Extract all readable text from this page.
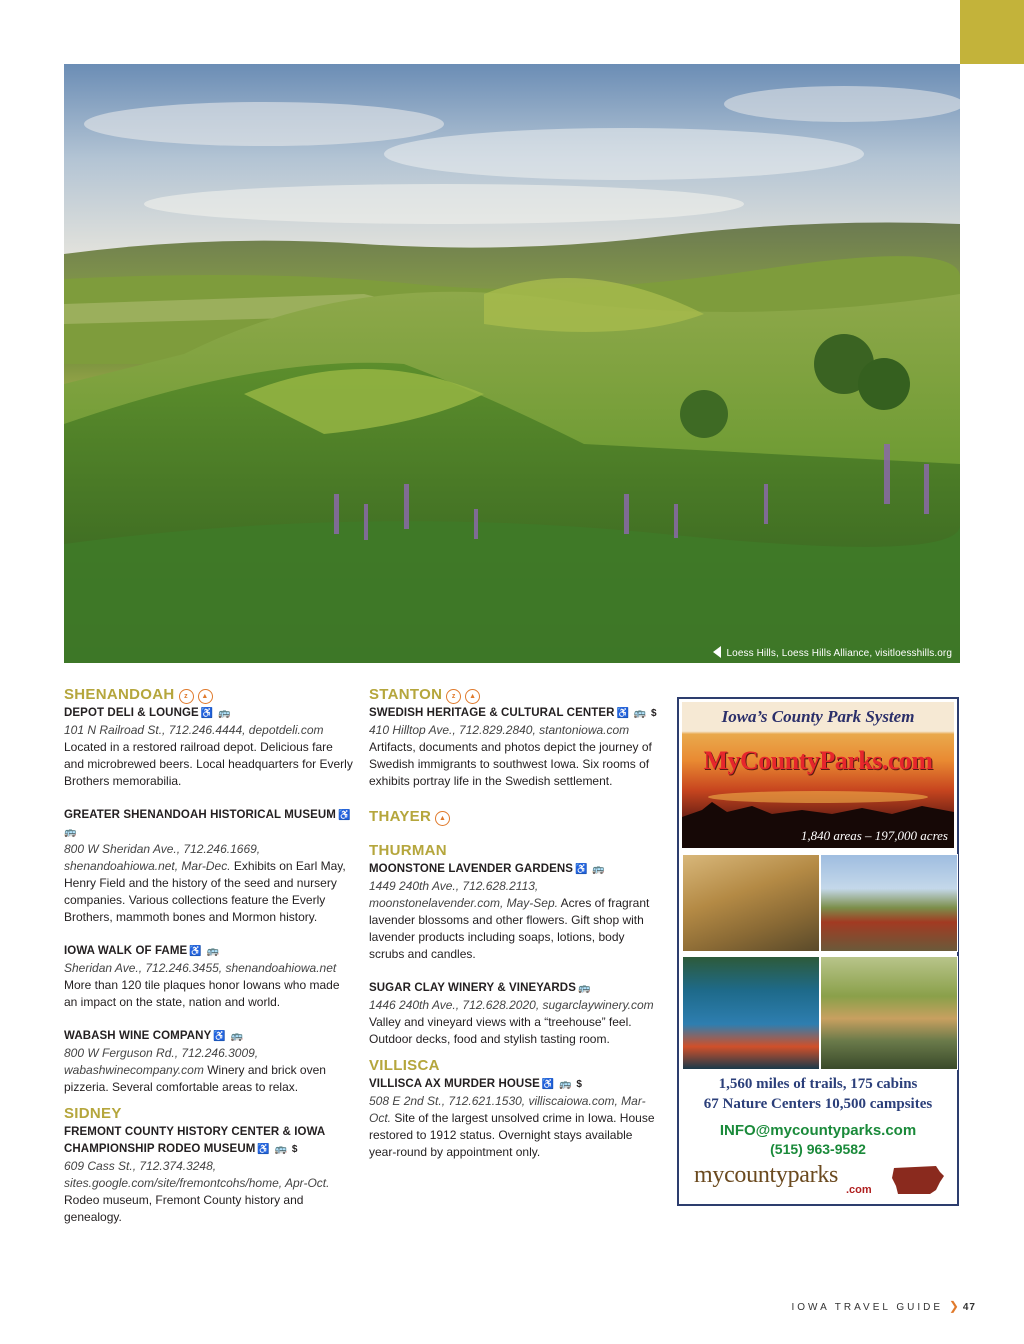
Loess Hills, Loess Hills Alliance, visitloesshills.org

SHENANDOAH z ▲

DEPOT DELI & LOUNGE ♿ 🚌

101 N Railroad St., 712.246.4444, depotdeli.com

Located in a restored railroad depot. Delicious fare and microbrewed beers. Local headquarters for Everly Brothers memorabilia.

GREATER SHENANDOAH HISTORICAL MUSEUM ♿ 🚌

800 W Sheridan Ave., 712.246.1669, shenandoahiowa.net, Mar-Dec. Exhibits on Earl May, Henry Field and the history of the seed and nursery companies. Various collections feature the Everly Brothers, mammoth bones and Mormon history.

IOWA WALK OF FAME ♿ 🚌

Sheridan Ave., 712.246.3455, shenandoahiowa.net

More than 120 tile plaques honor Iowans who made an impact on the state, nation and world.

WABASH WINE COMPANY ♿ 🚌

800 W Ferguson Rd., 712.246.3009, wabashwinecompany.com Winery and brick oven pizzeria. Several comfortable areas to relax.

SIDNEY

FREMONT COUNTY HISTORY CENTER & IOWA CHAMPIONSHIP RODEO MUSEUM ♿ 🚌 $

609 Cass St., 712.374.3248, sites.google.com/site/fremontcohs/home, Apr-Oct.

Rodeo museum, Fremont County history and genealogy.

STANTON z ▲

SWEDISH HERITAGE & CULTURAL CENTER ♿ 🚌 $

410 Hilltop Ave., 712.829.2840, stantoniowa.com

Artifacts, documents and photos depict the journey of Swedish immigrants to southwest Iowa. Six rooms of exhibits portray life in the Swedish settlement.

THAYER ▲

THURMAN

MOONSTONE LAVENDER GARDENS ♿ 🚌

1449 240th Ave., 712.628.2113, moonstonelavender.com, May-Sep. Acres of fragrant lavender blossoms and other flowers. Gift shop with lavender products including soaps, lotions, body scrubs and candles.

SUGAR CLAY WINERY & VINEYARDS 🚌

1446 240th Ave., 712.628.2020, sugarclaywinery.com

Valley and vineyard views with a “treehouse” feel. Outdoor decks, food and stylish tasting room.

VILLISCA

VILLISCA AX MURDER HOUSE ♿ 🚌 $

508 E 2nd St., 712.621.1530, villiscaiowa.com, Mar-Oct. Site of the largest unsolved crime in Iowa. House restored to 1912 status. Overnight stays available year-round by appointment only.

Iowa’s County Park System
MyCountyParks.com
1,840 areas – 197,000 acres
1,560 miles of trails, 175 cabins
67 Nature Centers 10,500 campsites
INFO@mycountyparks.com
(515) 963-9582
mycountyparks
.com
IOWA TRAVEL GUIDE ❯ 47
